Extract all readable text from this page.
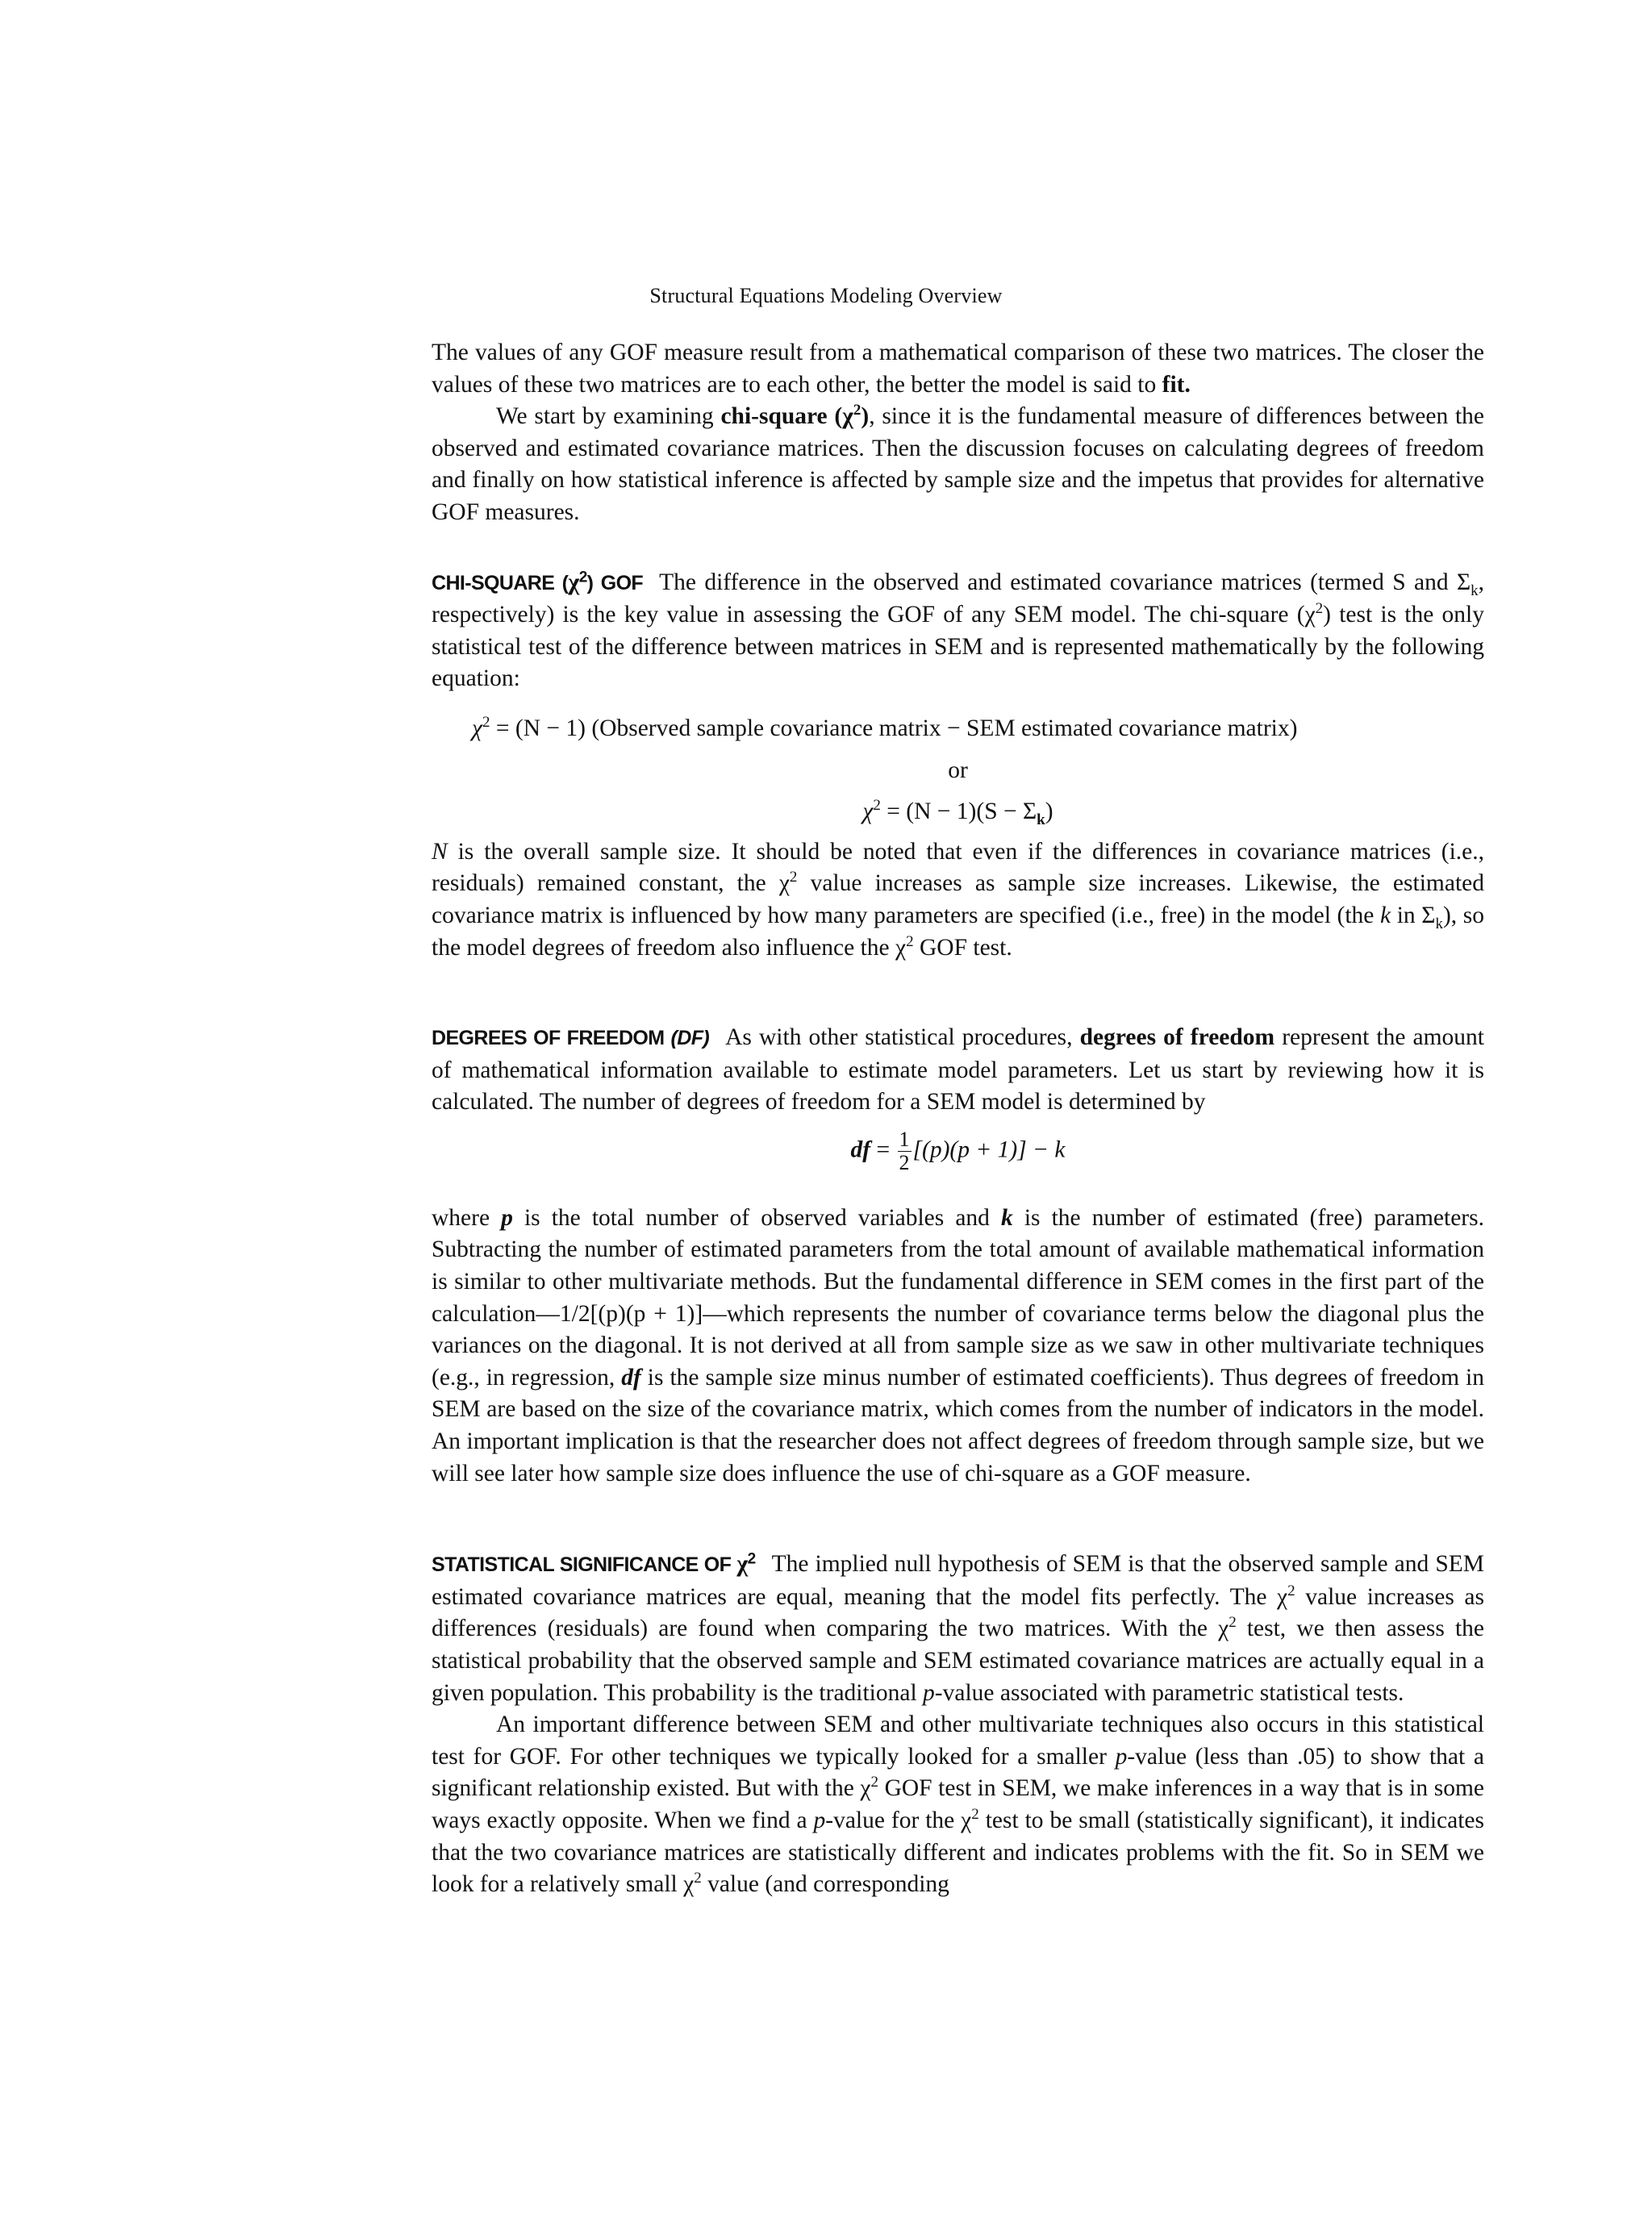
Structural Equations Modeling Overview

The values of any GOF measure result from a mathematical comparison of these two matrices. The closer the values of these two matrices are to each other, the better the model is said to fit.

We start by examining chi-square $(\chi^2)$, since it is the fundamental measure of differences between the observed and estimated covariance matrices. Then the discussion focuses on calculating degrees of freedom and finally on how statistical inference is affected by sample size and the impetus that provides for alternative GOF measures.

CHI-SQUARE $(\chi^2)$ GOF The difference in the observed and estimated covariance matrices (termed S and $\Sigma_k$, respectively) is the key value in assessing the GOF of any SEM model. The chi-square $(\chi^2)$ test is the only statistical test of the difference between matrices in SEM and is represented mathematically by the following equation:

$\chi^2 = (N - 1)$ (Observed sample covariance matrix − SEM estimated covariance matrix)

or

$\chi^2 = (N - 1)(S - \Sigma_k)$

N is the overall sample size. It should be noted that even if the differences in covariance matrices (i.e., residuals) remained constant, the $\chi^2$ value increases as sample size increases. Likewise, the estimated covariance matrix is influenced by how many parameters are specified (i.e., free) in the model (the k in $\Sigma_k$), so the model degrees of freedom also influence the $\chi^2$ GOF test.

DEGREES OF FREEDOM (DF) As with other statistical procedures, degrees of freedom represent the amount of mathematical information available to estimate model parameters. Let us start by reviewing how it is calculated. The number of degrees of freedom for a SEM model is determined by

df = $\frac{1}{2} [(p)(p + 1)] - k$

where p is the total number of observed variables and k is the number of estimated (free) parameters. Subtracting the number of estimated parameters from the total amount of available mathematical information is similar to other multivariate methods. But the fundamental difference in SEM comes in the first part of the calculation—1/2[(p)(p + 1)]—which represents the number of covariance terms below the diagonal plus the variances on the diagonal. It is not derived at all from sample size as we saw in other multivariate techniques (e.g., in regression, df is the sample size minus number of estimated coefficients). Thus degrees of freedom in SEM are based on the size of the covariance matrix, which comes from the number of indicators in the model. An important implication is that the researcher does not affect degrees of freedom through sample size, but we will see later how sample size does influence the use of chi-square as a GOF measure.

STATISTICAL SIGNIFICANCE OF $\chi^2$ The implied null hypothesis of SEM is that the observed sample and SEM estimated covariance matrices are equal, meaning that the model fits perfectly. The $\chi^2$ value increases as differences (residuals) are found when comparing the two matrices. With the $\chi^2$ test, we then assess the statistical probability that the observed sample and SEM estimated covariance matrices are actually equal in a given population. This probability is the traditional p-value associated with parametric statistical tests.

An important difference between SEM and other multivariate techniques also occurs in this statistical test for GOF. For other techniques we typically looked for a smaller p-value (less than .05) to show that a significant relationship existed. But with the $\chi^2$ GOF test in SEM, we make inferences in a way that is in some ways exactly opposite. When we find a p-value for the $\chi^2$ test to be small (statistically significant), it indicates that the two covariance matrices are statistically different and indicates problems with the fit. So in SEM we look for a relatively small $\chi^2$ value (and corresponding
